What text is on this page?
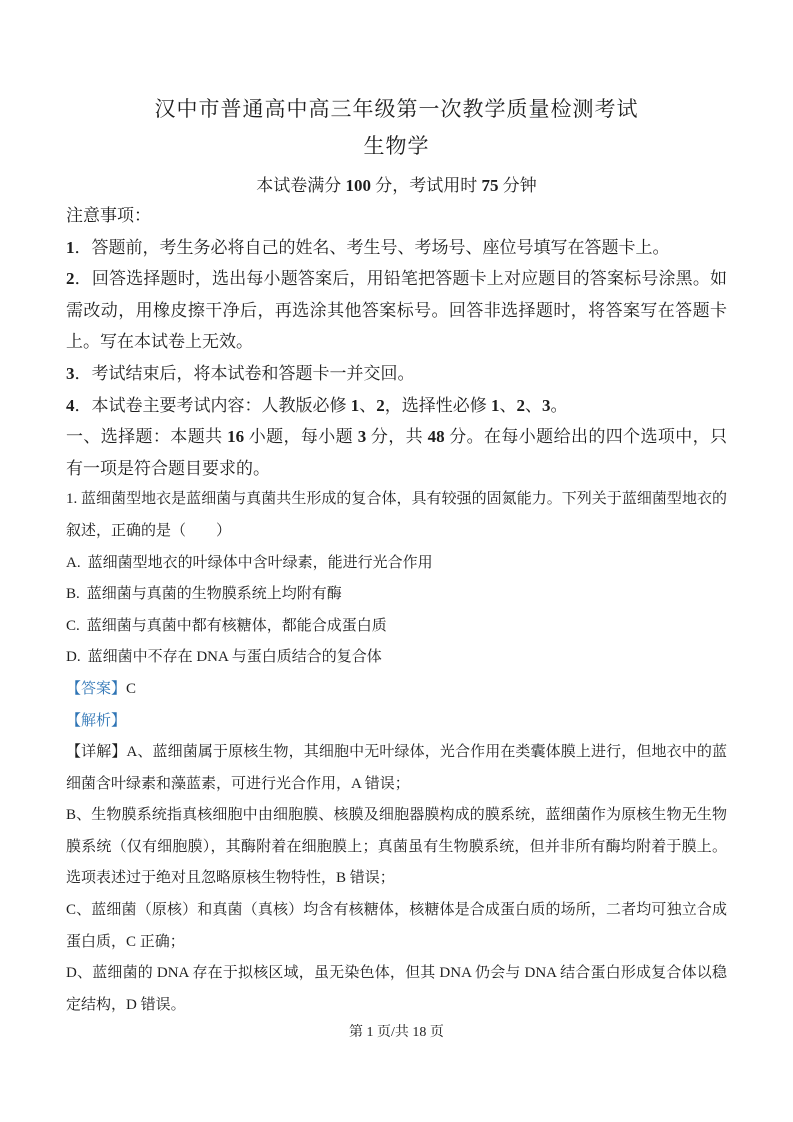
汉中市普通高中高三年级第一次教学质量检测考试
生物学
本试卷满分 100 分，考试用时 75 分钟

注意事项：

1．答题前，考生务必将自己的姓名、考生号、考场号、座位号填写在答题卡上。

2．回答选择题时，选出每小题答案后，用铅笔把答题卡上对应题目的答案标号涂黑。如需改动，用橡皮擦干净后，再选涂其他答案标号。回答非选择题时，将答案写在答题卡上。写在本试卷上无效。

3．考试结束后，将本试卷和答题卡一并交回。

4．本试卷主要考试内容：人教版必修 1、2，选择性必修 1、2、3。

一、选择题：本题共 16 小题，每小题 3 分，共 48 分。在每小题给出的四个选项中，只有一项是符合题目要求的。

1. 蓝细菌型地衣是蓝细菌与真菌共生形成的复合体，具有较强的固氮能力。下列关于蓝细菌型地衣的叙述，正确的是（　　）

A. 蓝细菌型地衣的叶绿体中含叶绿素，能进行光合作用

B. 蓝细菌与真菌的生物膜系统上均附有酶

C. 蓝细菌与真菌中都有核糖体，都能合成蛋白质

D. 蓝细菌中不存在 DNA 与蛋白质结合的复合体

【答案】C

【解析】

【详解】A、蓝细菌属于原核生物，其细胞中无叶绿体，光合作用在类囊体膜上进行，但地衣中的蓝细菌含叶绿素和藻蓝素，可进行光合作用，A 错误；

B、生物膜系统指真核细胞中由细胞膜、核膜及细胞器膜构成的膜系统，蓝细菌作为原核生物无生物膜系统（仅有细胞膜），其酶附着在细胞膜上；真菌虽有生物膜系统，但并非所有酶均附着于膜上。选项表述过于绝对且忽略原核生物特性，B 错误；

C、蓝细菌（原核）和真菌（真核）均含有核糖体，核糖体是合成蛋白质的场所，二者均可独立合成蛋白质，C 正确；

D、蓝细菌的 DNA 存在于拟核区域，虽无染色体，但其 DNA 仍会与 DNA 结合蛋白形成复合体以稳定结构，D 错误。

第 1 页/共 18 页
